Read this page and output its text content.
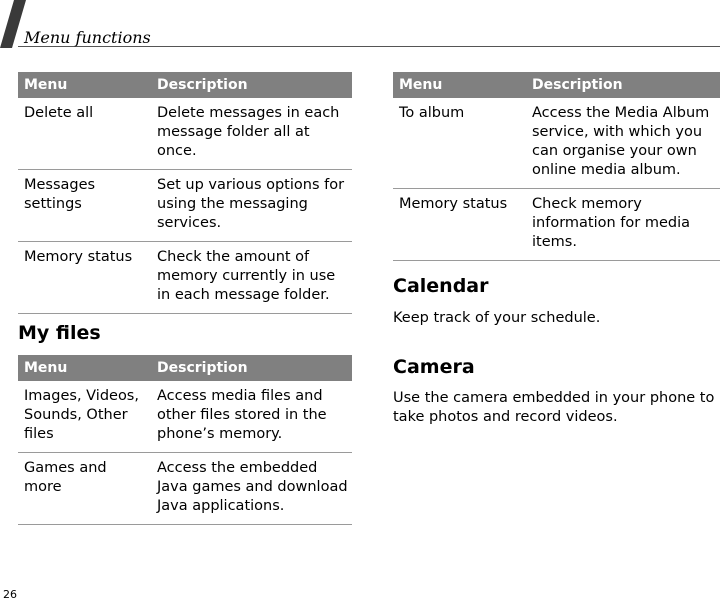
Menu functions
Menu	Description
Delete all	Delete messages in each message folder all at once.
Messages settings	Set up various options for using the messaging services.
Memory status	Check the amount of memory currently in use in each message folder.
My files
Menu	Description
Images, Videos, Sounds, Other files	Access media files and other files stored in the phone’s memory.
Games and more	Access the embedded Java games and download Java applications.
Menu	Description
To album	Access the Media Album service, with which you can organise your own online media album.
Memory status	Check memory information for media items.
Calendar
Keep track of your schedule.
Camera
Use the camera embedded in your phone to take photos and record videos.
26
